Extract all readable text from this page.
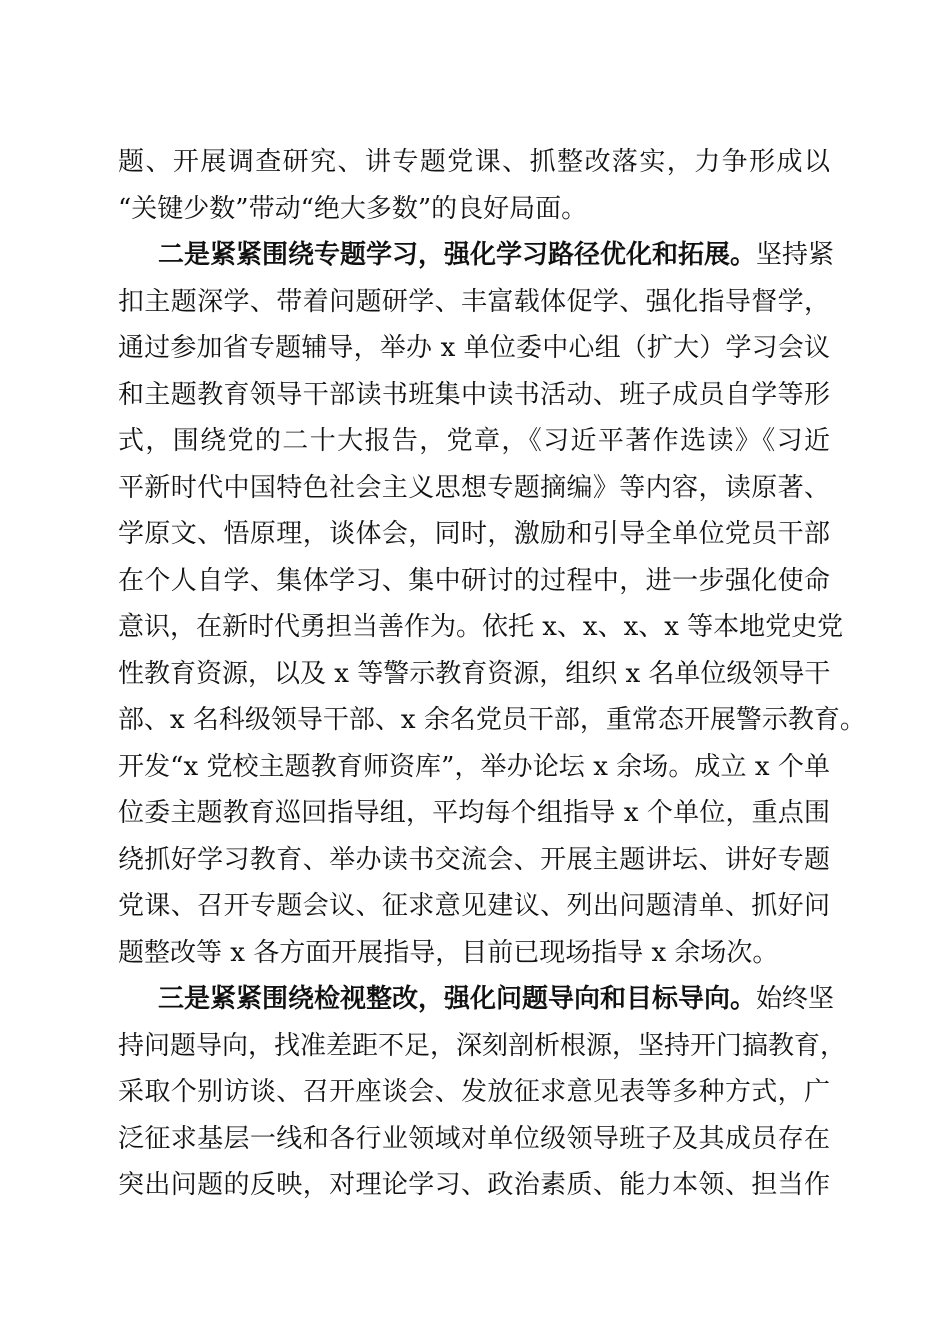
题、开展调查研究、讲专题党课、抓整改落实，力争形成以
“关键少数”带动“绝大多数”的良好局面。
二是紧紧围绕专题学习，强化学习路径优化和拓展。坚持紧
扣主题深学、带着问题研学、丰富载体促学、强化指导督学，
通过参加省专题辅导，举办 x 单位委中心组（扩大）学习会议
和主题教育领导干部读书班集中读书活动、班子成员自学等形
式，围绕党的二十大报告，党章，《习近平著作选读》《习近
平新时代中国特色社会主义思想专题摘编》等内容，读原著、
学原文、悟原理，谈体会，同时，激励和引导全单位党员干部
在个人自学、集体学习、集中研讨的过程中，进一步强化使命
意识，在新时代勇担当善作为。依托 x、x、x、x 等本地党史党
性教育资源，以及 x 等警示教育资源，组织 x 名单位级领导干
部、x 名科级领导干部、x 余名党员干部，重常态开展警示教育。
开发“x 党校主题教育师资库”，举办论坛 x 余场。成立 x 个单
位委主题教育巡回指导组，平均每个组指导 x 个单位，重点围
绕抓好学习教育、举办读书交流会、开展主题讲坛、讲好专题
党课、召开专题会议、征求意见建议、列出问题清单、抓好问
题整改等 x 各方面开展指导，目前已现场指导 x 余场次。
三是紧紧围绕检视整改，强化问题导向和目标导向。始终坚
持问题导向，找准差距不足，深刻剖析根源，坚持开门搞教育，
采取个别访谈、召开座谈会、发放征求意见表等多种方式，广
泛征求基层一线和各行业领域对单位级领导班子及其成员存在
突出问题的反映，对理论学习、政治素质、能力本领、担当作
